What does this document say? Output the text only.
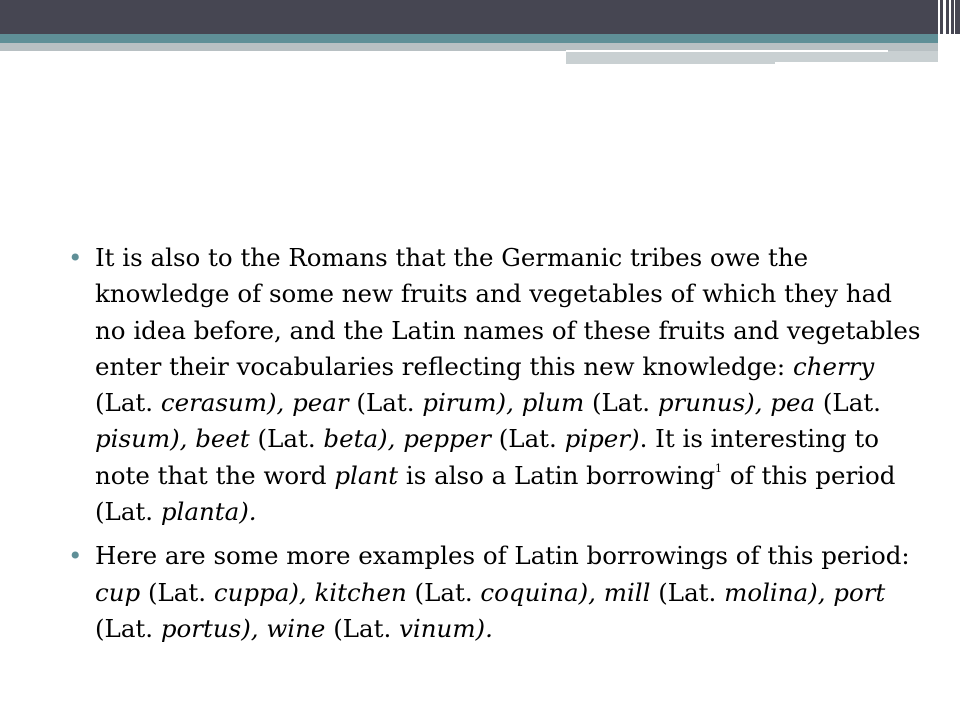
• It is also to the Romans that the Germanic tribes owe the knowledge of some new fruits and vegetables of which they had no idea before, and the Latin names of these fruits and vegetables enter their vocabularies reflecting this new knowledge: cherry (Lat. cerasum), pear (Lat. pirum), plum (Lat. prunus), pea (Lat. pisum), beet (Lat. beta), pepper (Lat. piper). It is interesting to note that the word plant is also a Latin borrowing$^1$ of this period (Lat. planta).
• Here are some more examples of Latin borrowings of this period: cup (Lat. cuppa), kitchen (Lat. coquina), mill (Lat. molina), port (Lat. portus), wine (Lat. vinum).
